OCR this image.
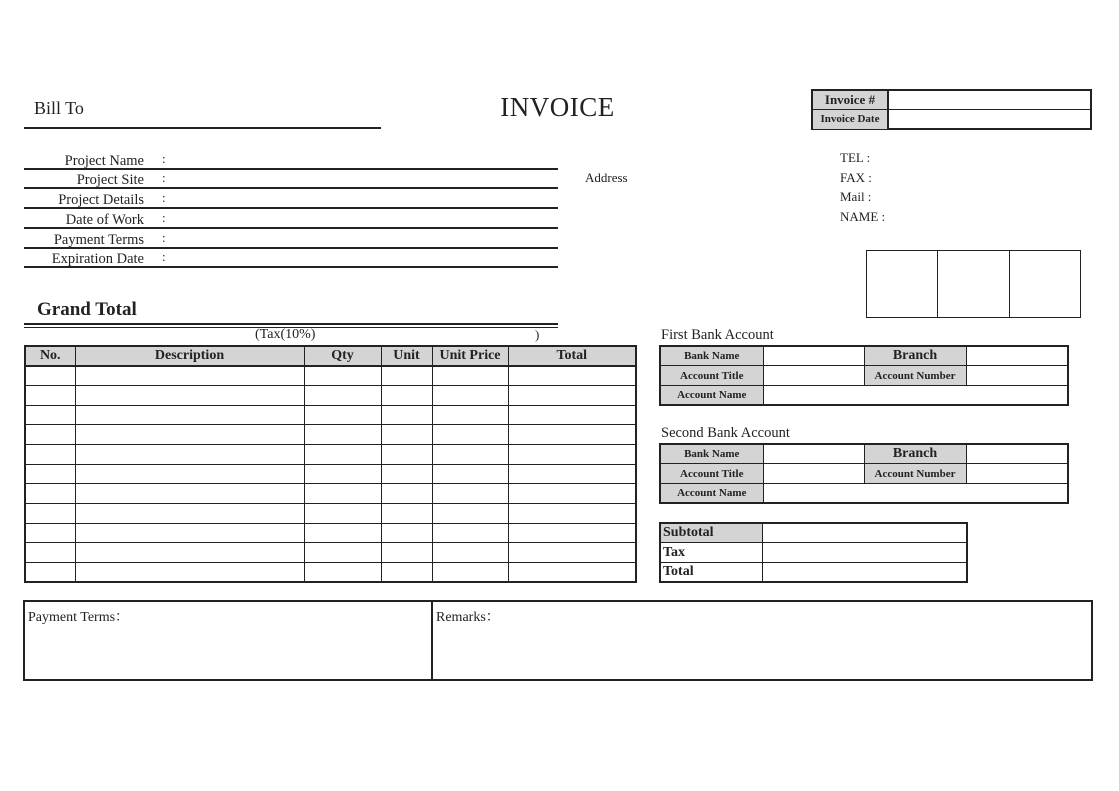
Bill To	INVOICE	Invoice #
Invoice Date
Project Name :
Project Site :
Project Details :
Date of Work :
Payment Terms :
Expiration Date :
Address
TEL :
FAX :
Mail :
NAME :
Grand Total
(Tax(10%)	)
No.	Description	Qty	Unit	Unit Price	Total

First Bank Account
Bank Name		Branch	
Account Title		Account Number	
Account Name			
Second Bank Account
Bank Name		Branch	
Account Title		Account Number	
Account Name			
Subtotal	
Tax	
Total	
Payment Terms：	Remarks：
